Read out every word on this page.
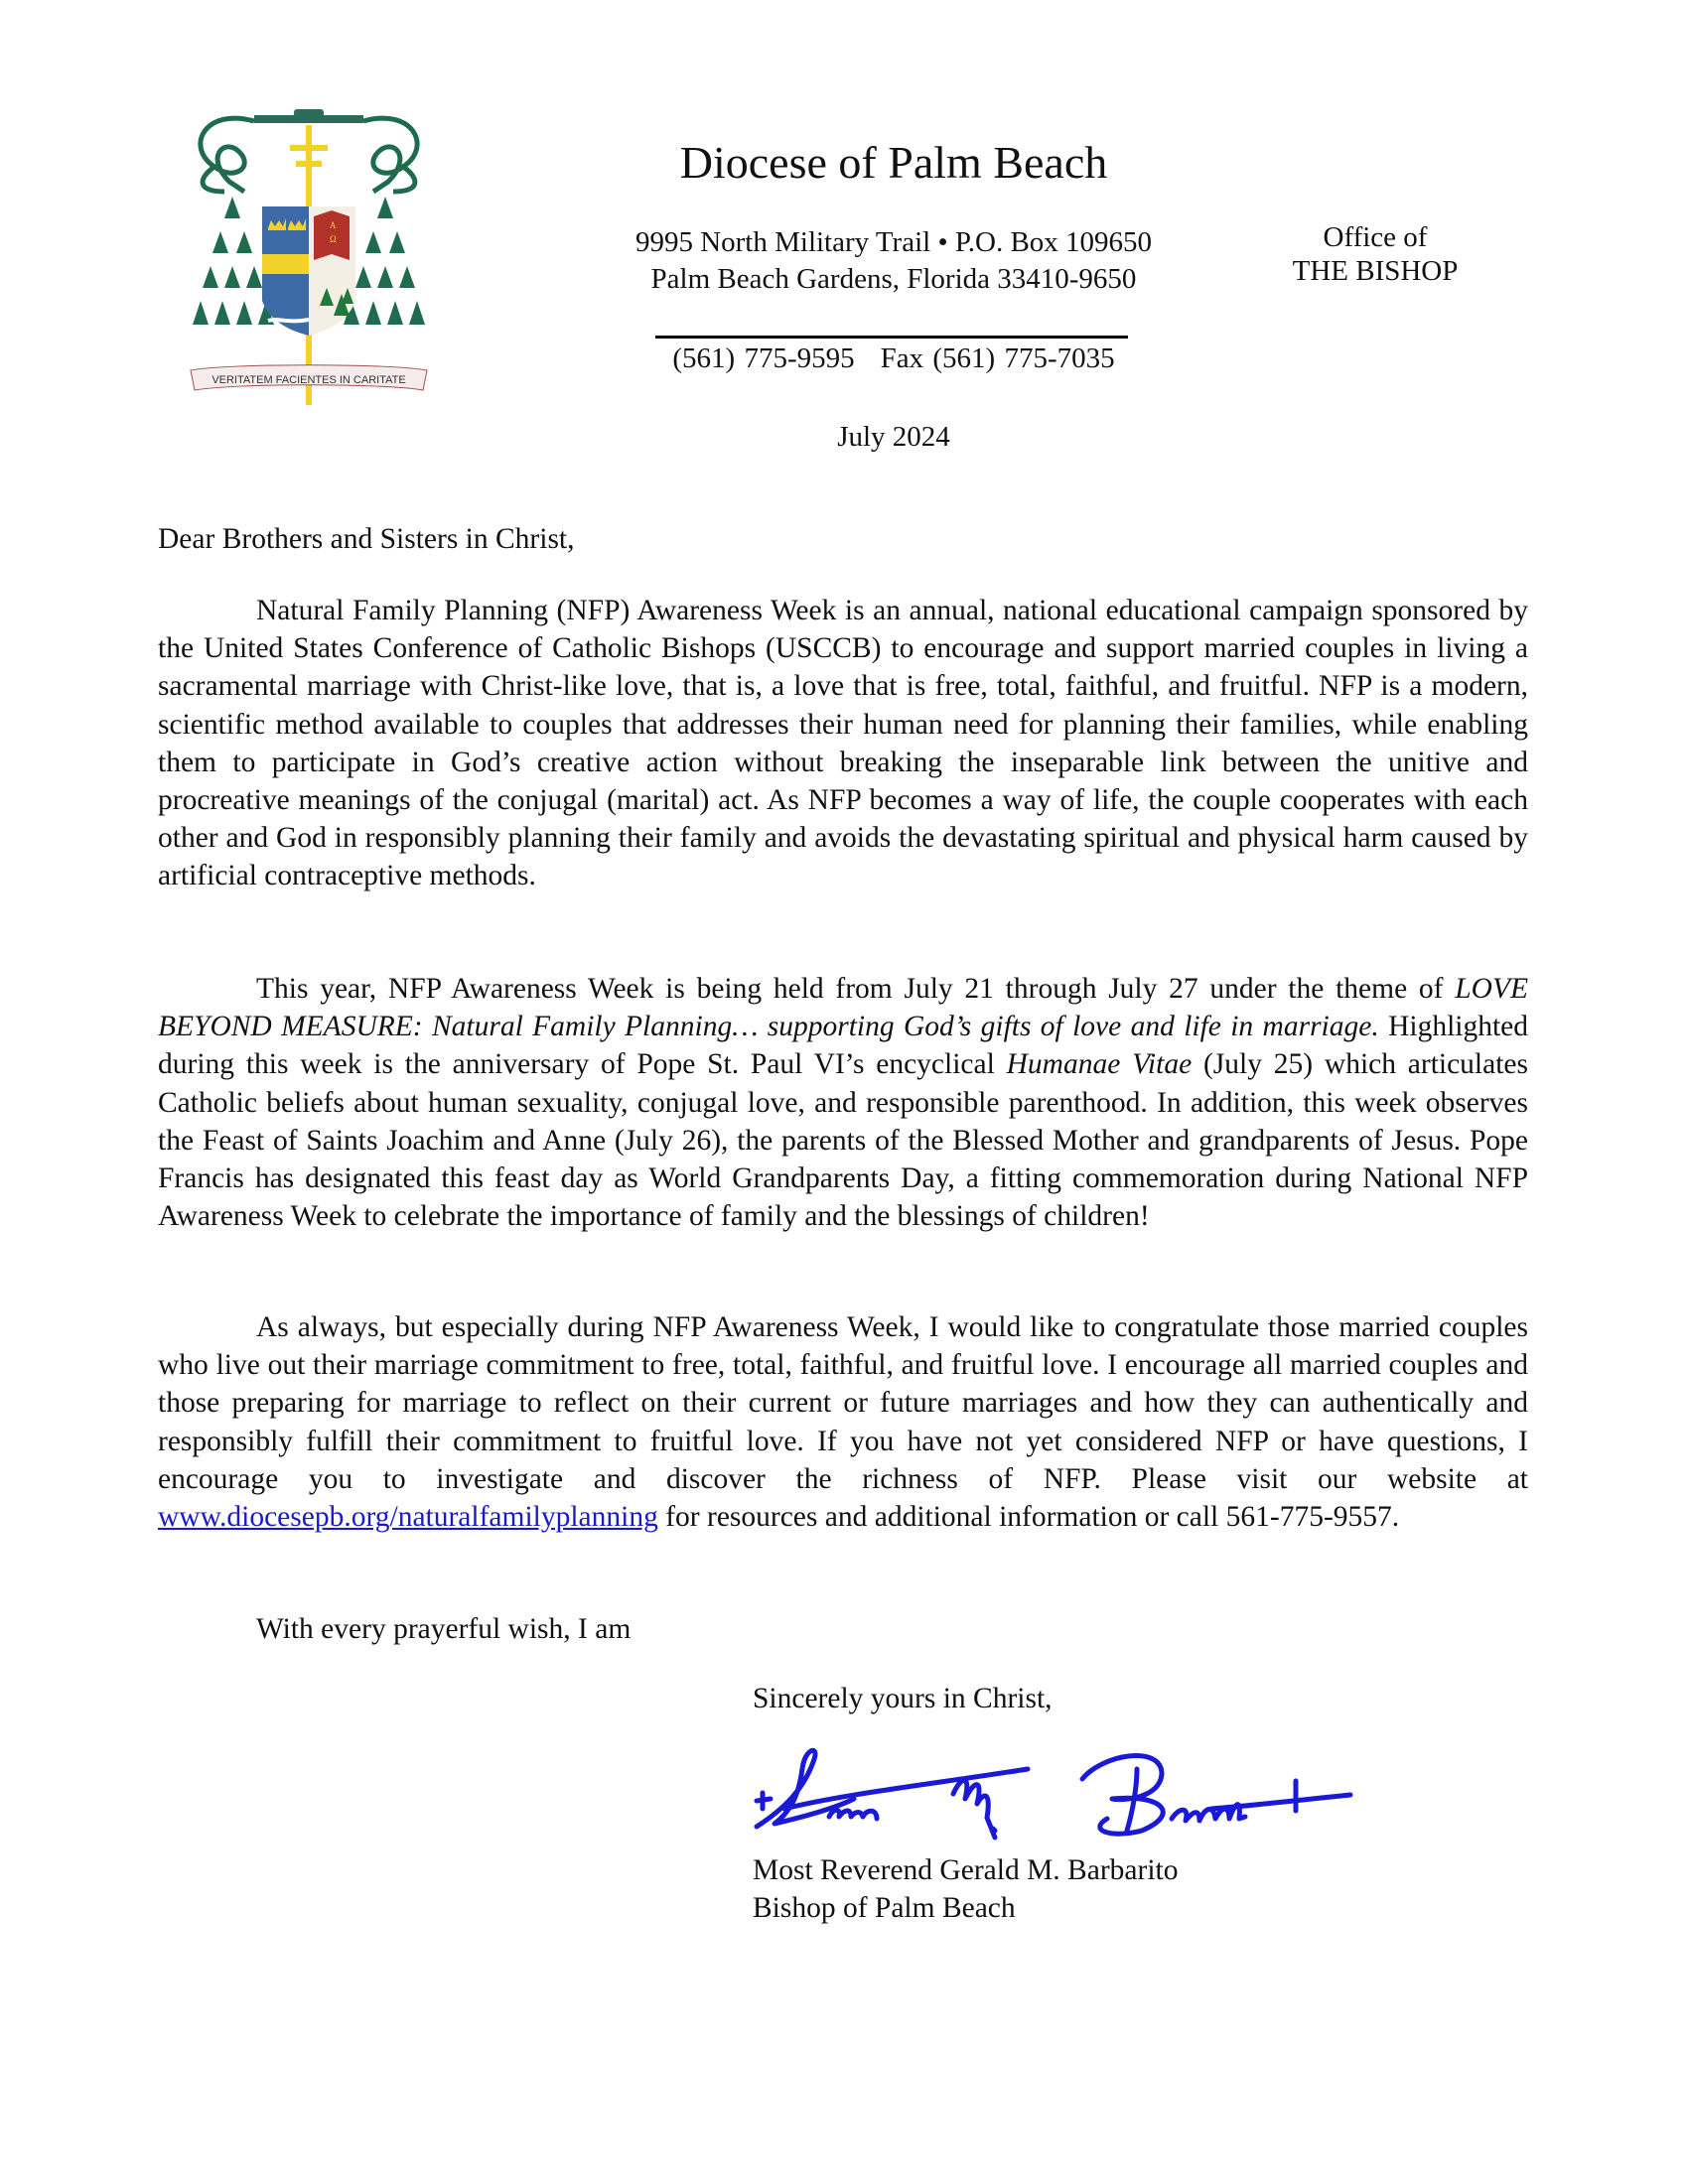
A
Ω
VERITATEM FACIENTES IN CARITATE
Diocese of Palm Beach
9995 North Military Trail • P.O. Box 109650
Palm Beach Gardens, Florida 33410-9650
(561) 775-9595 Fax (561) 775-7035
Office of
THE BISHOP
July 2024
Dear Brothers and Sisters in Christ,

Natural Family Planning (NFP) Awareness Week is an annual, national educational campaign sponsored by the United States Conference of Catholic Bishops (USCCB) to encourage and support married couples in living a sacramental marriage with Christ-like love, that is, a love that is free, total, faithful, and fruitful. NFP is a modern, scientific method available to couples that addresses their human need for planning their families, while enabling them to participate in God’s creative action without breaking the inseparable link between the unitive and procreative meanings of the conjugal (marital) act. As NFP becomes a way of life, the couple cooperates with each other and God in responsibly planning their family and avoids the devastating spiritual and physical harm caused by artificial contraceptive methods.

This year, NFP Awareness Week is being held from July 21 through July 27 under the theme of LOVE BEYOND MEASURE: Natural Family Planning… supporting God’s gifts of love and life in marriage. Highlighted during this week is the anniversary of Pope St. Paul VI’s encyclical Humanae Vitae (July 25) which articulates Catholic beliefs about human sexuality, conjugal love, and responsible parenthood. In addition, this week observes the Feast of Saints Joachim and Anne (July 26), the parents of the Blessed Mother and grandparents of Jesus. Pope Francis has designated this feast day as World Grandparents Day, a fitting commemoration during National NFP Awareness Week to celebrate the importance of family and the blessings of children!

As always, but especially during NFP Awareness Week, I would like to congratulate those married couples who live out their marriage commitment to free, total, faithful, and fruitful love. I encourage all married couples and those preparing for marriage to reflect on their current or future marriages and how they can authentically and responsibly fulfill their commitment to fruitful love. If you have not yet considered NFP or have questions, I encourage you to investigate and discover the richness of NFP. Please visit our website at www.diocesepb.org/naturalfamilyplanning for resources and additional information or call 561-775-9557.

With every prayerful wish, I am
Sincerely yours in Christ,
Most Reverend Gerald M. Barbarito
Bishop of Palm Beach
